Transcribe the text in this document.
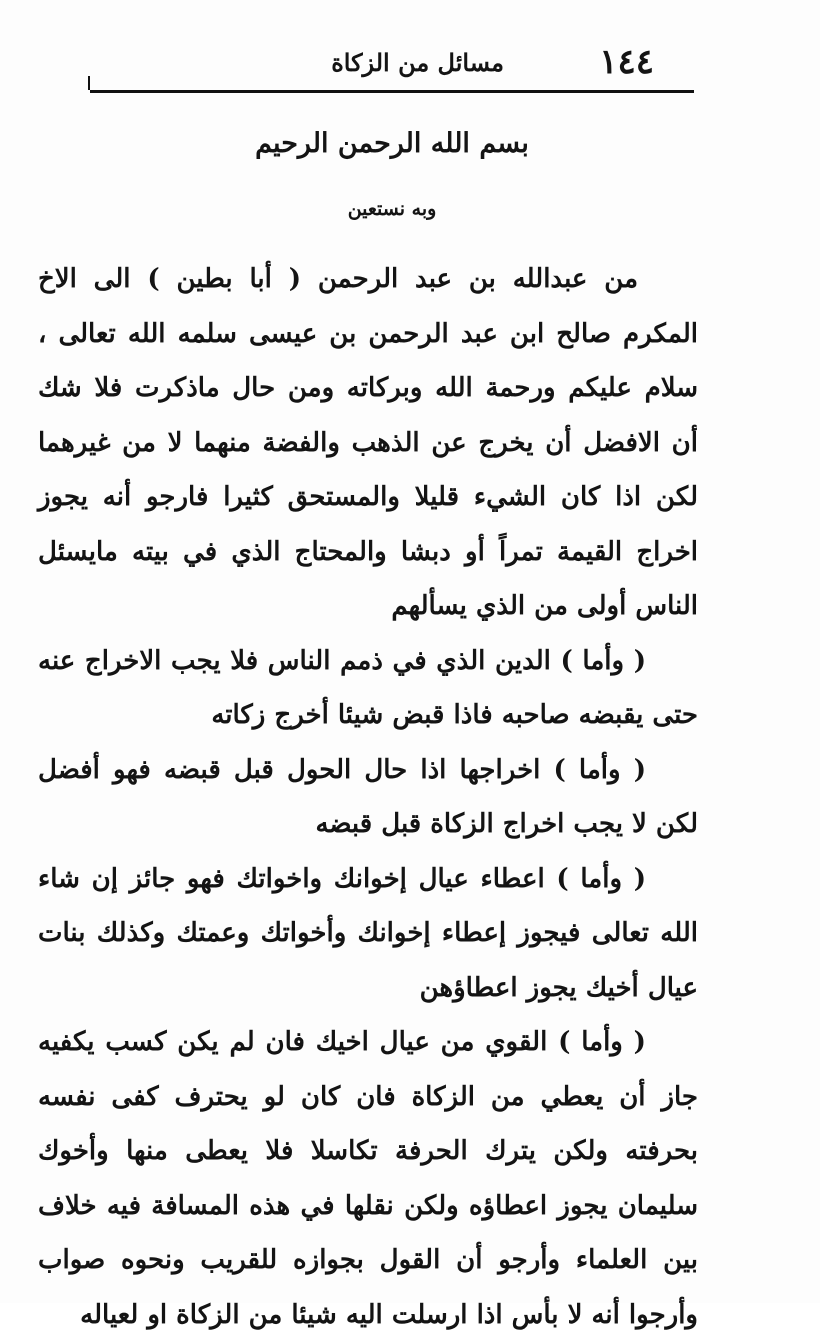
١٤٤
مسائل من الزكاة
بسم الله الرحمن الرحيم
وبه نستعين

من عبدالله بن عبد الرحمن ( أبا بطين ) الى الاخ المكرم صالح ابن عبد الرحمن بن عيسى سلمه الله تعالى ، سلام عليكم ورحمة الله وبركاته ومن حال ماذكرت فلا شك أن الافضل أن يخرج عن الذهب والفضة منهما لا من غيرهما لكن اذا كان الشيء قليلا والمستحق كثيرا فارجو أنه يجوز اخراج القيمة تمراً أو دبشا والمحتاج الذي في بيته مايسئل الناس أولى من الذي يسألهم

( وأما ) الدين الذي في ذمم الناس فلا يجب الاخراج عنه حتى يقبضه صاحبه فاذا قبض شيئا أخرج زكاته

( وأما ) اخراجها اذا حال الحول قبل قبضه فهو أفضل لكن لا يجب اخراج الزكاة قبل قبضه

( وأما ) اعطاء عيال إخوانك واخواتك فهو جائز إن شاء الله تعالى فيجوز إعطاء إخوانك وأخواتك وعمتك وكذلك بنات عيال أخيك يجوز اعطاؤهن

( وأما ) القوي من عيال اخيك فان لم يكن كسب يكفيه جاز أن يعطي من الزكاة فان كان لو يحترف كفى نفسه بحرفته ولكن يترك الحرفة تكاسلا فلا يعطى منها وأخوك سليمان يجوز اعطاؤه ولكن نقلها في هذه المسافة فيه خلاف بين العلماء وأرجو أن القول بجوازه للقريب ونحوه صواب وأرجوا أنه لا بأس اذا ارسلت اليه شيئا من الزكاة او لعياله
